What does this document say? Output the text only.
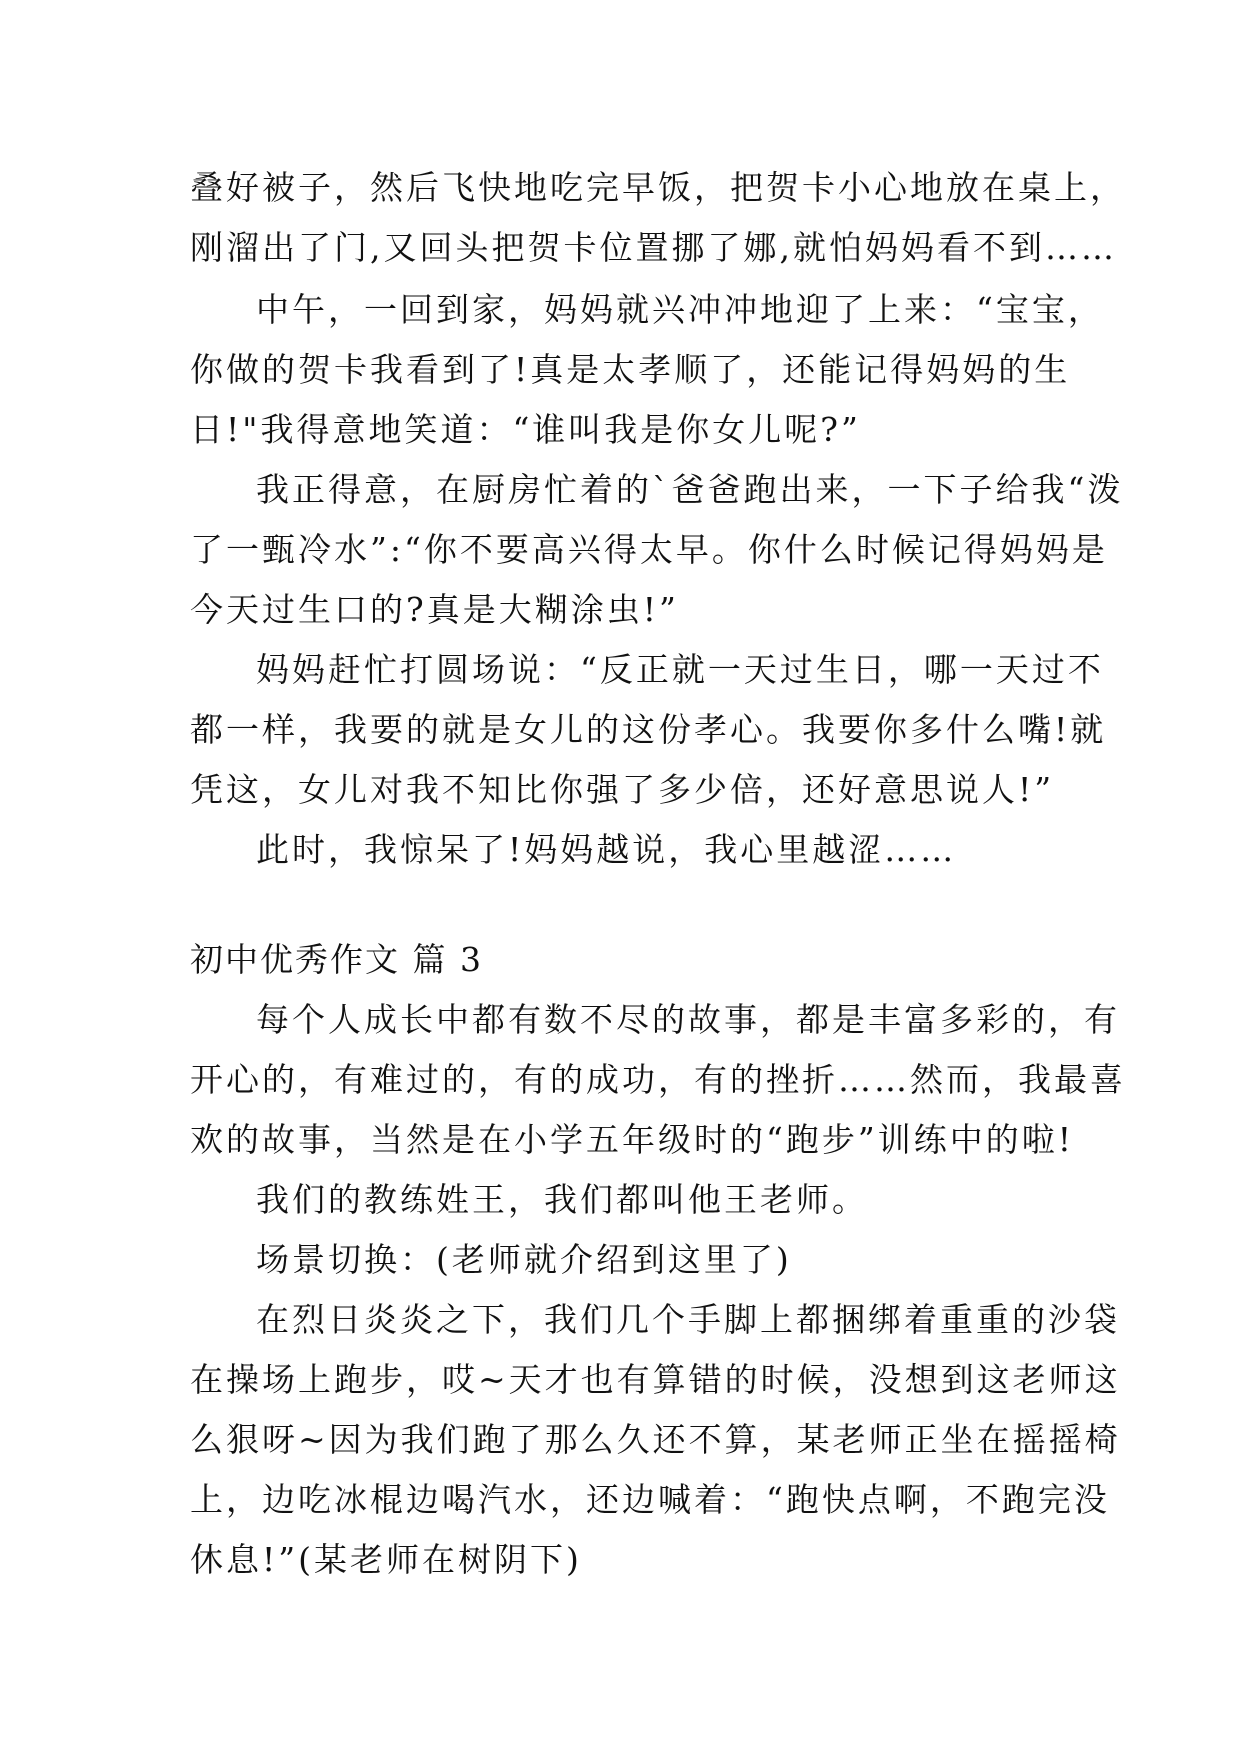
叠好被子，然后飞快地吃完早饭，把贺卡小心地放在桌上，
刚溜出了门,又回头把贺卡位置挪了娜,就怕妈妈看不到……
中午，一回到家，妈妈就兴冲冲地迎了上来：“宝宝，
你做的贺卡我看到了!真是太孝顺了，还能记得妈妈的生
日!"我得意地笑道：“谁叫我是你女儿呢?”
我正得意，在厨房忙着的`爸爸跑出来，一下子给我“泼
了一甄冷水”:“你不要高兴得太早。你什么时候记得妈妈是
今天过生口的?真是大糊涂虫!”
妈妈赶忙打圆场说：“反正就一天过生日，哪一天过不
都一样，我要的就是女儿的这份孝心。我要你多什么嘴!就
凭这，女儿对我不知比你强了多少倍，还好意思说人!”
此时，我惊呆了!妈妈越说，我心里越涩……
初中优秀作文 篇 3
每个人成长中都有数不尽的故事，都是丰富多彩的，有
开心的，有难过的，有的成功，有的挫折……然而，我最喜
欢的故事，当然是在小学五年级时的“跑步”训练中的啦!
我们的教练姓王，我们都叫他王老师。
场景切换：(老师就介绍到这里了)
在烈日炎炎之下，我们几个手脚上都捆绑着重重的沙袋
在操场上跑步，哎~天才也有算错的时候，没想到这老师这
么狠呀~因为我们跑了那么久还不算，某老师正坐在摇摇椅
上，边吃冰棍边喝汽水，还边喊着：“跑快点啊，不跑完没
休息!”(某老师在树阴下)
